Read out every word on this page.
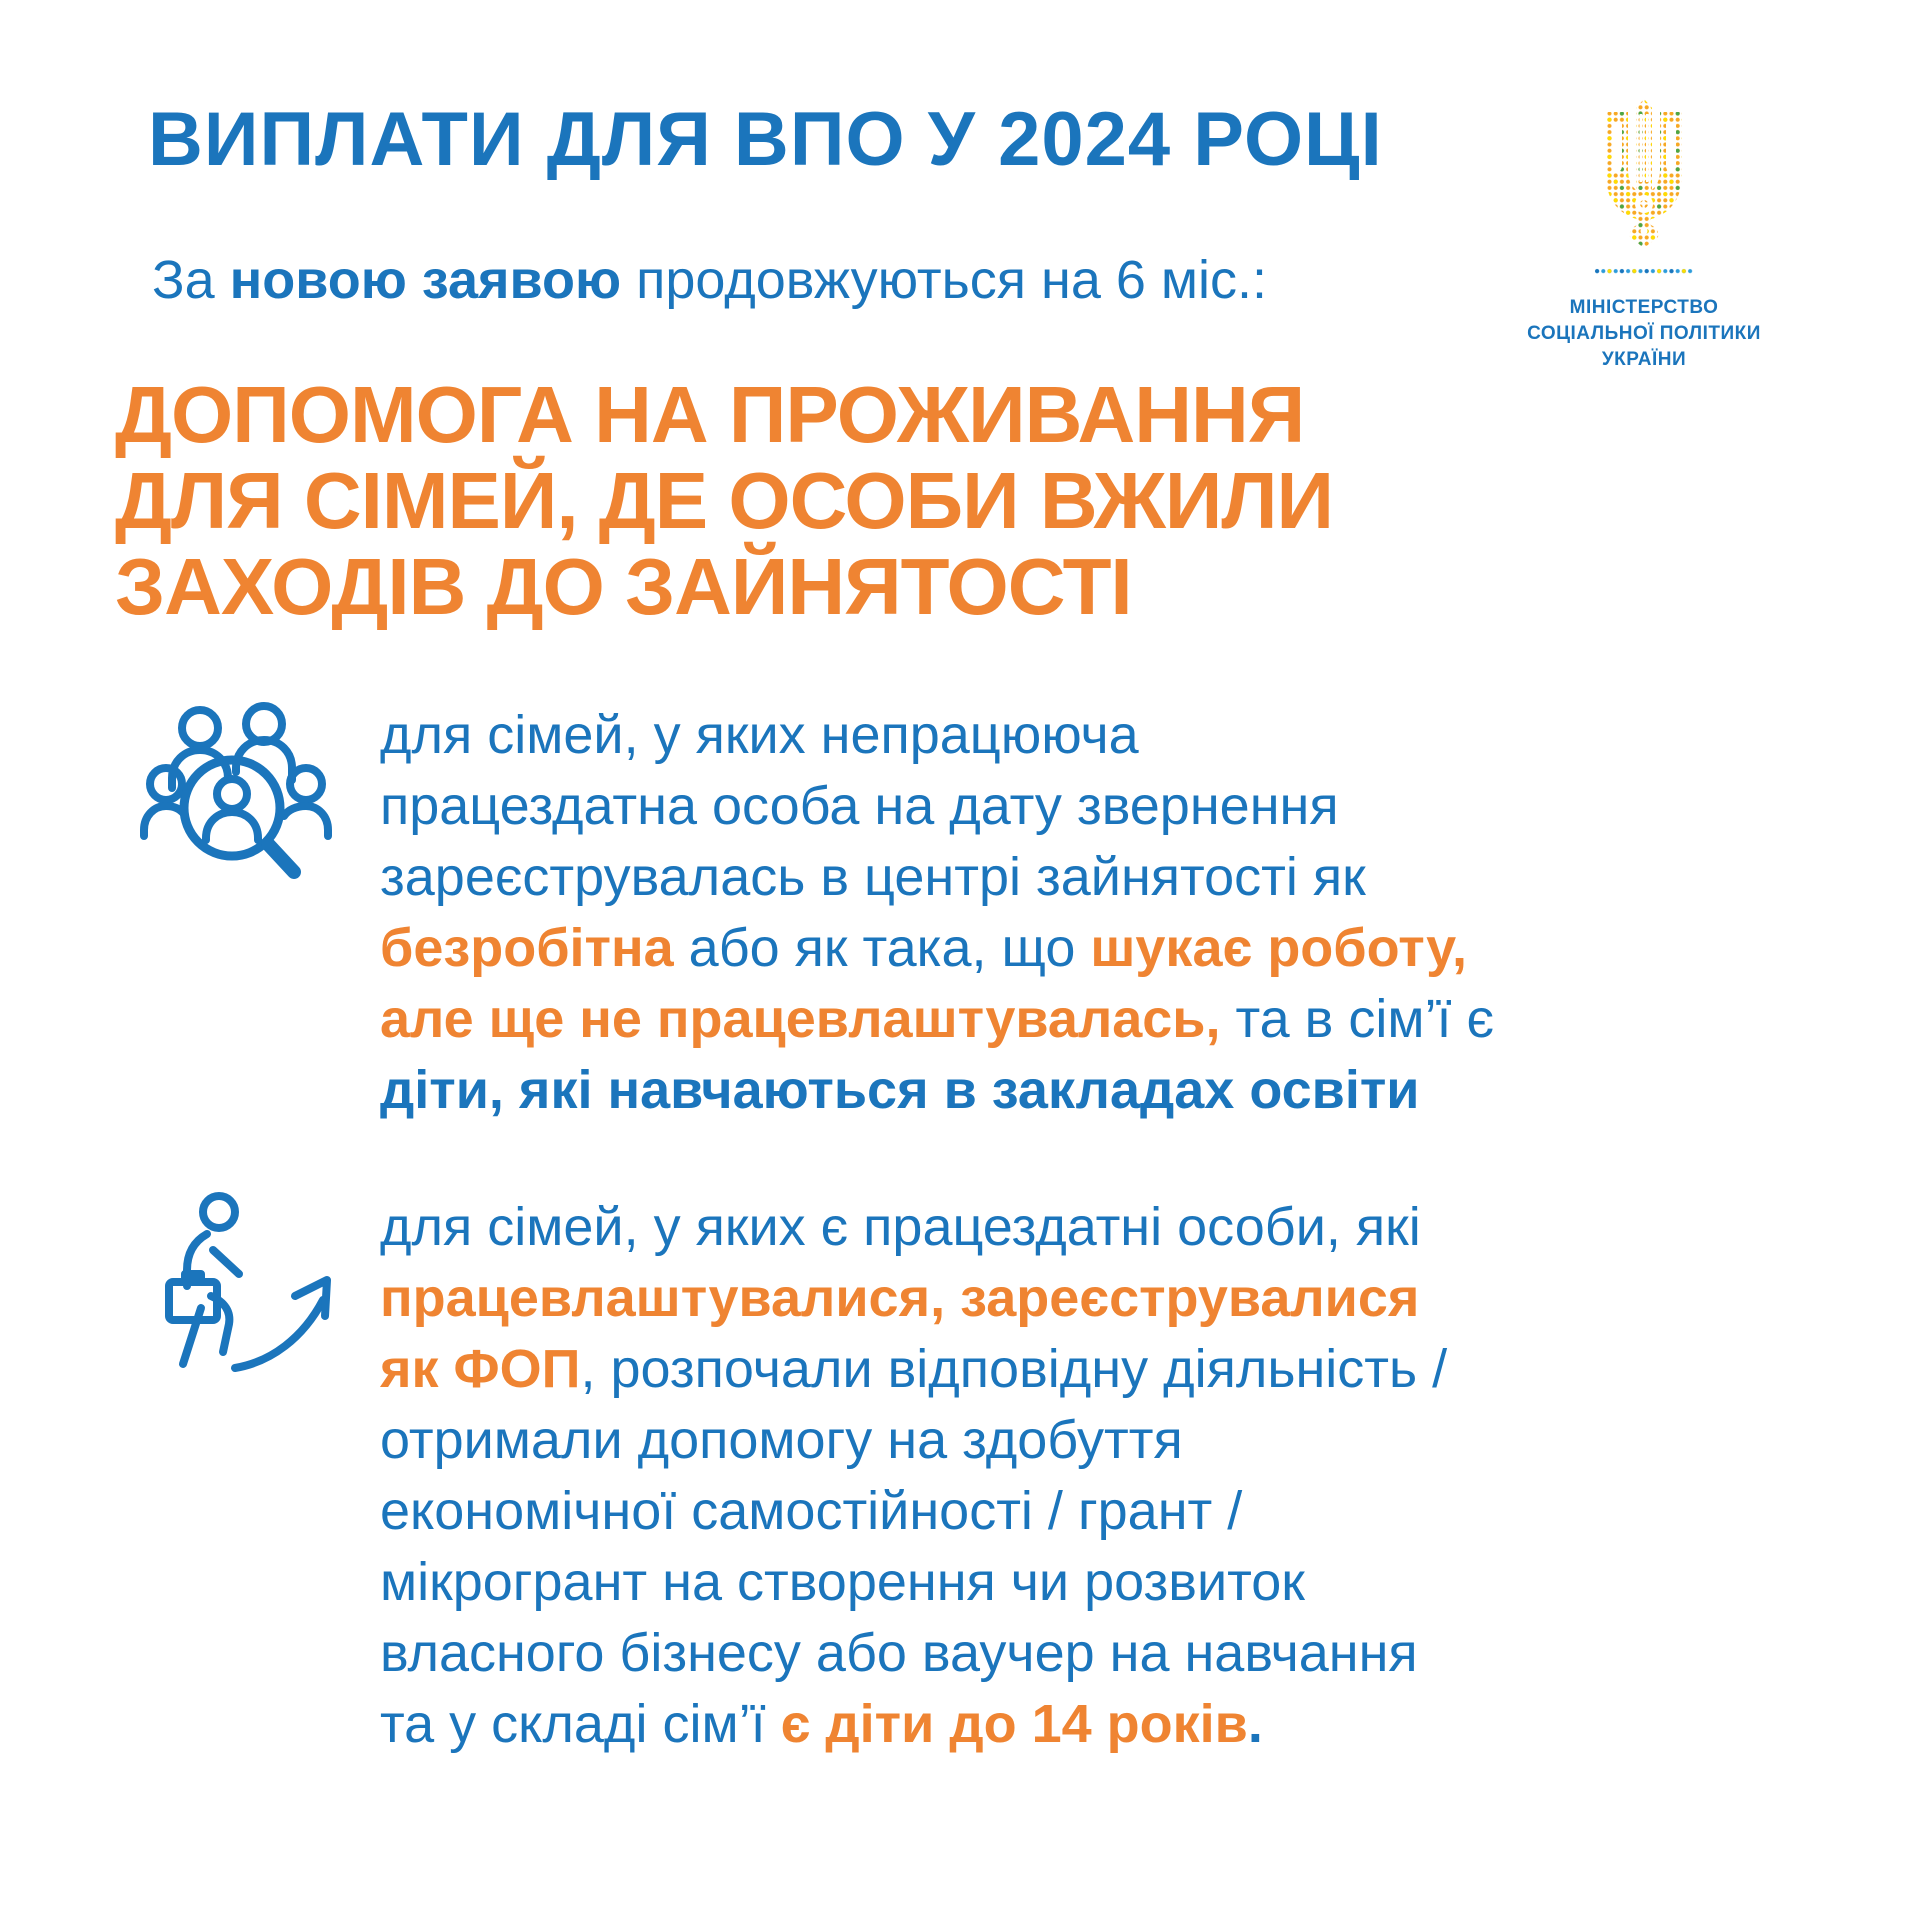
ВИПЛАТИ ДЛЯ ВПО У 2024 РОЦІ
За новою заявою продовжуються на 6 міс.:	МІНІСТЕРСТВО
СОЦІАЛЬНОЇ ПОЛІТИКИ
УКРАЇНИ
ДОПОМОГА НА ПРОЖИВАННЯ
ДЛЯ СІМЕЙ, ДЕ ОСОБИ ВЖИЛИ
ЗАХОДІВ ДО ЗАЙНЯТОСТІ
для сімей, у яких непрацююча
працездатна особа на дату звернення
зареєструвалась в центрі зайнятості як
безробітна або як така, що шукає роботу,
але ще не працевлаштувалась, та в сім’ї є
діти, які навчаються в закладах освіти
для сімей, у яких є працездатні особи, які
працевлаштувалися, зареєструвалися
як ФОП, розпочали відповідну діяльність /
отримали допомогу на здобуття
економічної самостійності / грант /
мікрогрант на створення чи розвиток
власного бізнесу або ваучер на навчання
та у складі сім’ї є діти до 14 років.
